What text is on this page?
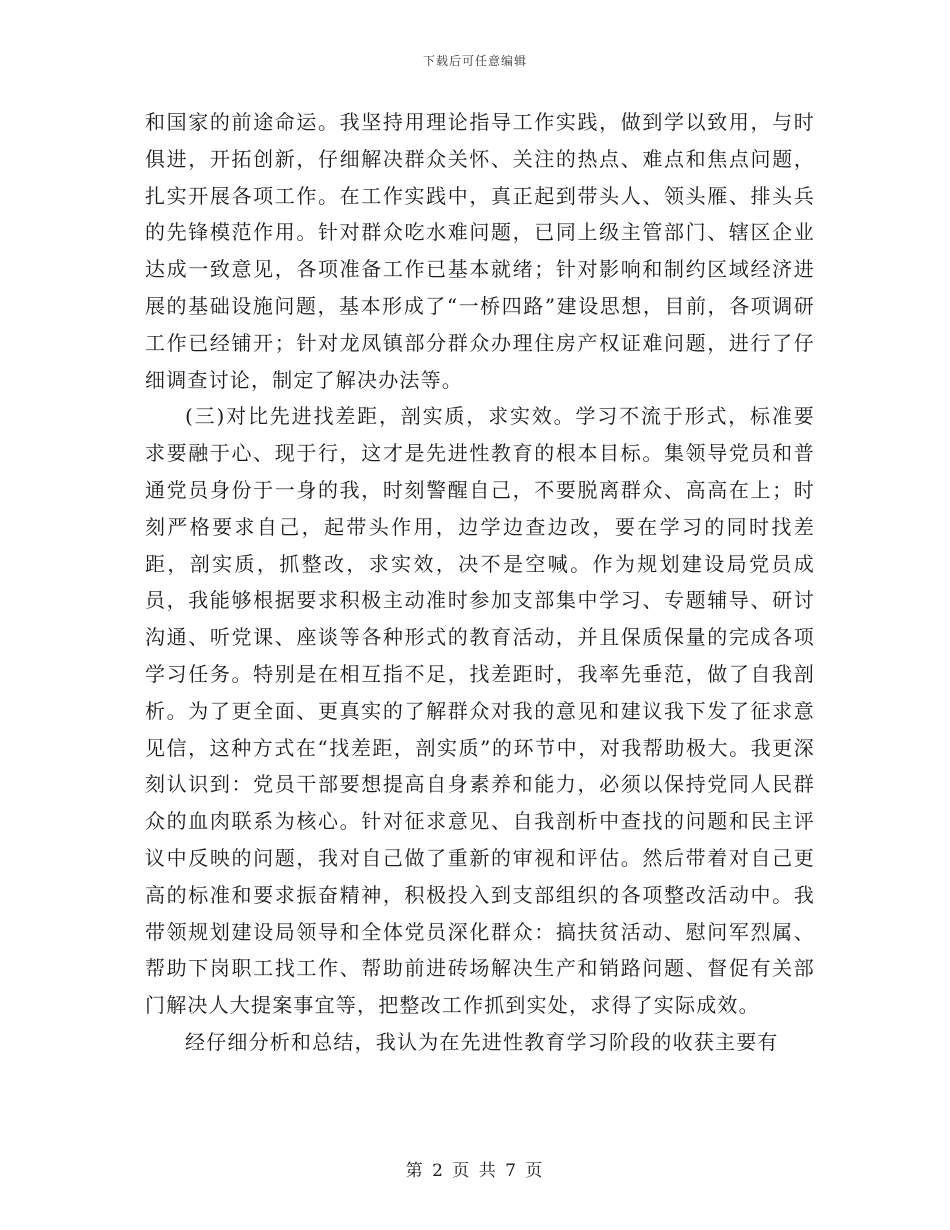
下载后可任意编辑

和国家的前途命运。我坚持用理论指导工作实践，做到学以致用，与时俱进，开拓创新，仔细解决群众关怀、关注的热点、难点和焦点问题，扎实开展各项工作。在工作实践中，真正起到带头人、领头雁、排头兵的先锋模范作用。针对群众吃水难问题，已同上级主管部门、辖区企业达成一致意见，各项准备工作已基本就绪；针对影响和制约区域经济进展的基础设施问题，基本形成了“一桥四路”建设思想，目前，各项调研工作已经铺开；针对龙凤镇部分群众办理住房产权证难问题，进行了仔细调查讨论，制定了解决办法等。

(三)对比先进找差距，剖实质，求实效。学习不流于形式，标准要求要融于心、现于行，这才是先进性教育的根本目标。集领导党员和普通党员身份于一身的我，时刻警醒自己，不要脱离群众、高高在上；时刻严格要求自己，起带头作用，边学边查边改，要在学习的同时找差距，剖实质，抓整改，求实效，决不是空喊。作为规划建设局党员成员，我能够根据要求积极主动准时参加支部集中学习、专题辅导、研讨沟通、听党课、座谈等各种形式的教育活动，并且保质保量的完成各项学习任务。特别是在相互指不足，找差距时，我率先垂范，做了自我剖析。为了更全面、更真实的了解群众对我的意见和建议我下发了征求意见信，这种方式在“找差距，剖实质”的环节中，对我帮助极大。我更深刻认识到：党员干部要想提高自身素养和能力，必须以保持党同人民群众的血肉联系为核心。针对征求意见、自我剖析中查找的问题和民主评议中反映的问题，我对自己做了重新的审视和评估。然后带着对自己更高的标准和要求振奋精神，积极投入到支部组织的各项整改活动中。我带领规划建设局领导和全体党员深化群众：搞扶贫活动、慰问军烈属、帮助下岗职工找工作、帮助前进砖场解决生产和销路问题、督促有关部门解决人大提案事宜等，把整改工作抓到实处，求得了实际成效。

经仔细分析和总结，我认为在先进性教育学习阶段的收获主要有

第 2 页 共 7 页
